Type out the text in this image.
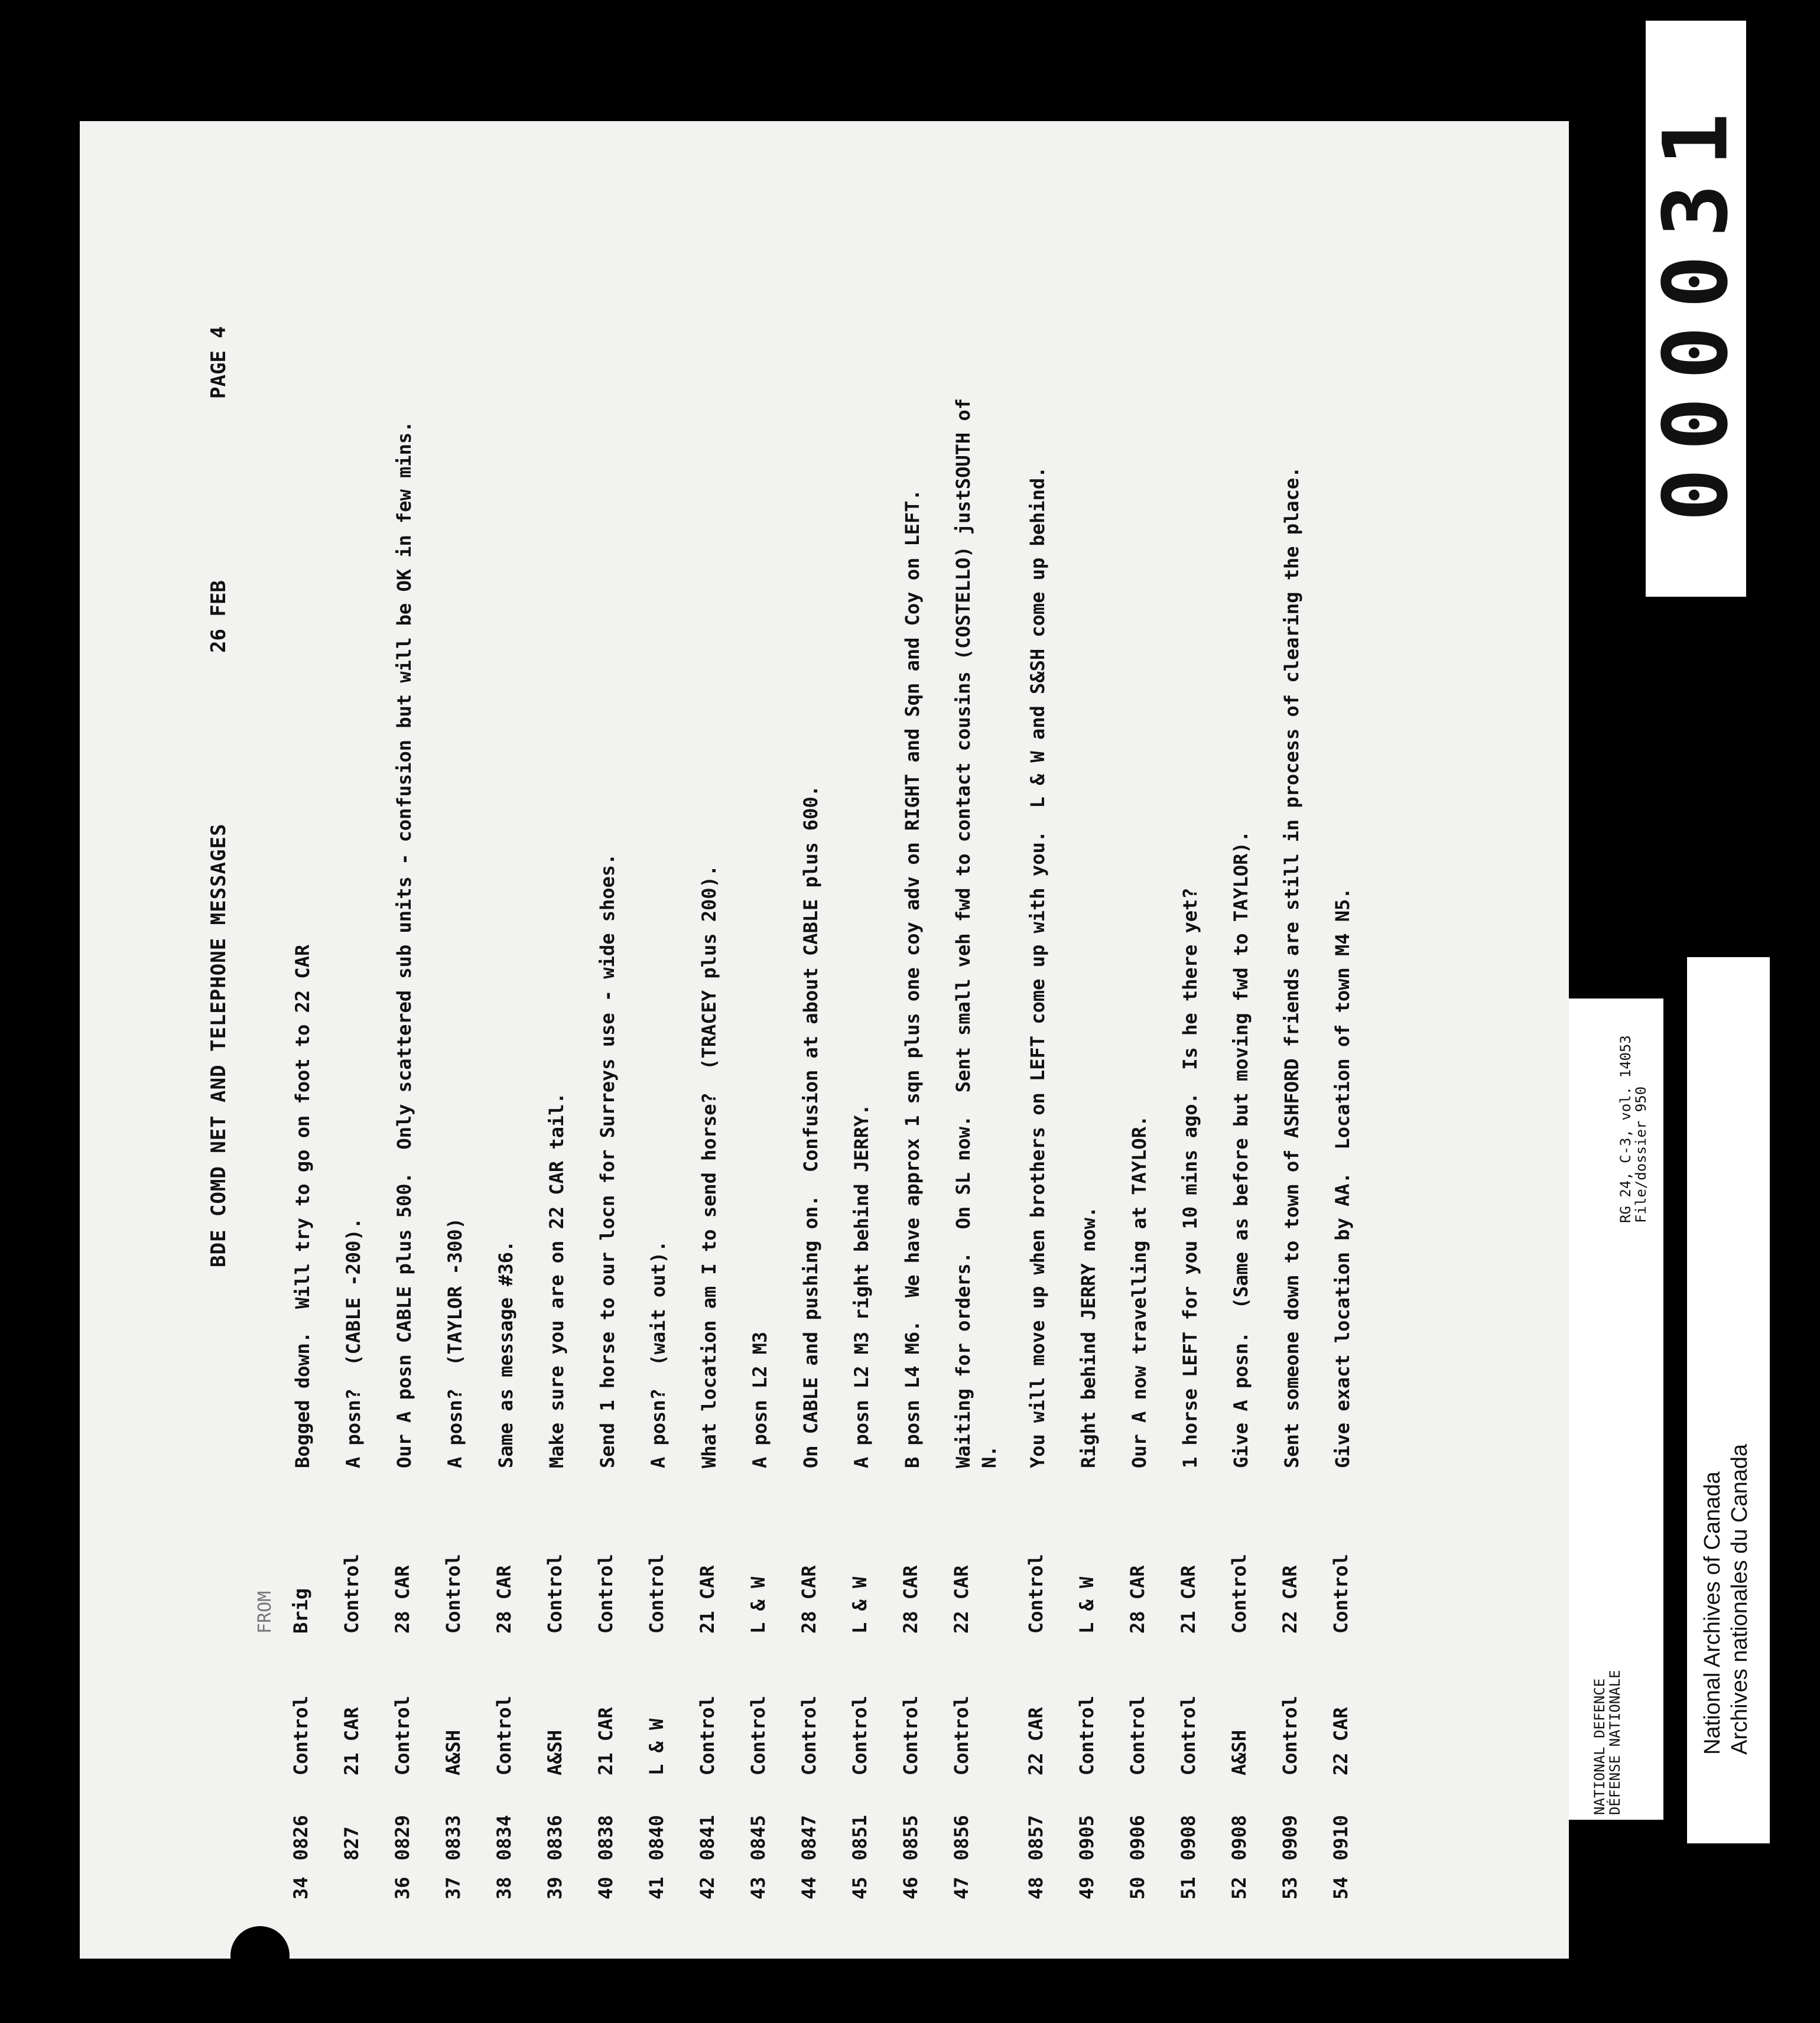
BDE COMD NET AND TELEPHONE MESSAGES
26 FEB
PAGE 4
FROM
34
0826
Control
Brig
Bogged down.  Will try to go on foot to 22 CAR
827
21 CAR
Control
A posn?  (CABLE -200).
36
0829
Control
28 CAR
Our A posn CABLE plus 500.  Only scattered sub units - confusion but will be OK in few mins.
37
0833
A&SH
Control
A posn?  (TAYLOR -300)
38
0834
Control
28 CAR
Same as message #36.
39
0836
A&SH
Control
Make sure you are on 22 CAR tail.
40
0838
21 CAR
Control
Send 1 horse to our locn for Surreys use - wide shoes.
41
0840
L & W
Control
A posn?  (wait out).
42
0841
Control
21 CAR
What location am I to send horse?  (TRACEY plus 200).
43
0845
Control
L & W
A posn L2 M3
44
0847
Control
28 CAR
On CABLE and pushing on.  Confusion at about CABLE plus 600.
45
0851
Control
L & W
A posn L2 M3 right behind JERRY.
46
0855
Control
28 CAR
B posn L4 M6.  We have approx 1 sqn plus one coy adv on RIGHT and Sqn and Coy on LEFT.
47
0856
Control
22 CAR
Waiting for orders.  On SL now.  Sent small veh fwd to contact cousins (COSTELLO) justSOUTH of
N.
48
0857
22 CAR
Control
You will move up when brothers on LEFT come up with you.  L & W and S&SH come up behind.
49
0905
Control
L & W
Right behind JERRY now.
50
0906
Control
28 CAR
Our A now travelling at TAYLOR.
51
0908
Control
21 CAR
1 horse LEFT for you 10 mins ago.  Is he there yet?
52
0908
A&SH
Control
Give A posn.  (Same as before but moving fwd to TAYLOR).
53
0909
Control
22 CAR
Sent someone down to town of ASHFORD friends are still in process of clearing the place.
54
0910
22 CAR
Control
Give exact location by AA.  Location of town M4 N5.
000031
NATIONAL DEFENCE
DÉFENSE NATIONALE
RG 24, C-3, vol. 14053
File/dossier 950
National Archives of Canada Archives nationales du Canada
